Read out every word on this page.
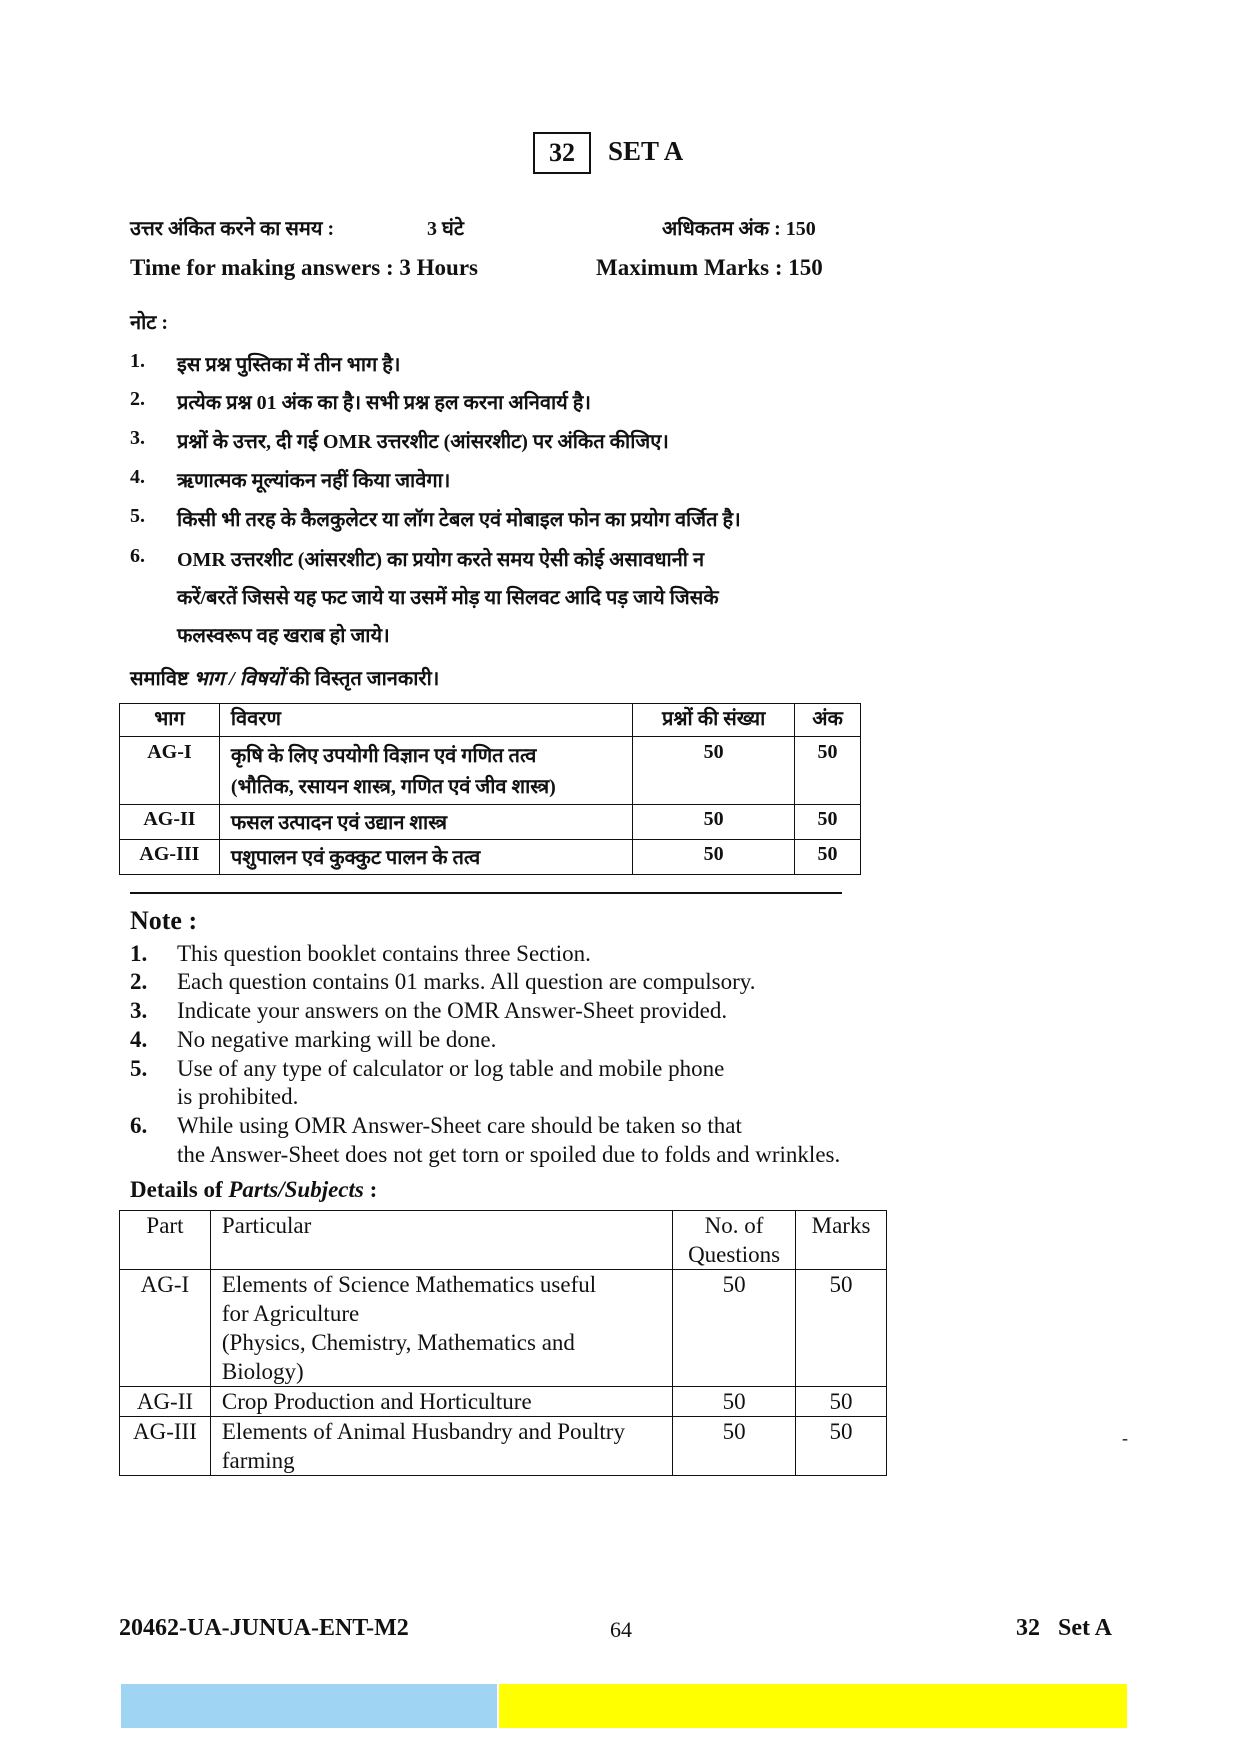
32 SET A
उत्तर अंकित करने का समय :	3 घंटे	अधिकतम अंक : 150
Time for making answers : 3 Hours	Maximum Marks : 150
नोट :
1. इस प्रश्न पुस्तिका में तीन भाग है।
2. प्रत्येक प्रश्न 01 अंक का है। सभी प्रश्न हल करना अनिवार्य है।
3. प्रश्नों के उत्तर, दी गई OMR उत्तरशीट (आंसरशीट) पर अंकित कीजिए।
4. ऋणात्मक मूल्यांकन नहीं किया जावेगा।
5. किसी भी तरह के कैलकुलेटर या लॉग टेबल एवं मोबाइल फोन का प्रयोग वर्जित है।
6. OMR उत्तरशीट (आंसरशीट) का प्रयोग करते समय ऐसी कोई असावधानी न
करें/बरतें जिससे यह फट जाये या उसमें मोड़ या सिलवट आदि पड़ जाये जिसके
फलस्वरूप वह खराब हो जाये।
समाविष्ट भाग / विषयों की विस्तृत जानकारी।
भाग	विवरण	प्रश्नों की संख्या	अंक
AG-I	कृषि के लिए उपयोगी विज्ञान एवं गणित तत्व
(भौतिक, रसायन शास्त्र, गणित एवं जीव शास्त्र)	50	50
AG-II	फसल उत्पादन एवं उद्यान शास्त्र	50	50
AG-III	पशुपालन एवं कुक्कुट पालन के तत्व	50	50
Note :
1. This question booklet contains three Section.
2. Each question contains 01 marks. All question are compulsory.
3. Indicate your answers on the OMR Answer-Sheet provided.
4. No negative marking will be done.
5. Use of any type of calculator or log table and mobile phone
is prohibited.
6. While using OMR Answer-Sheet care should be taken so that
the Answer-Sheet does not get torn or spoiled due to folds and wrinkles.
Details of Parts/Subjects :
Part	Particular	No. of Questions	Marks
AG-I	Elements of Science Mathematics useful
for Agriculture
(Physics, Chemistry, Mathematics and
Biology)	50	50
AG-II	Crop Production and Horticulture	50	50
AG-III	Elements of Animal Husbandry and Poultry
farming	50	50	-
20462-UA-JUNUA-ENT-M2	64	32   Set A
